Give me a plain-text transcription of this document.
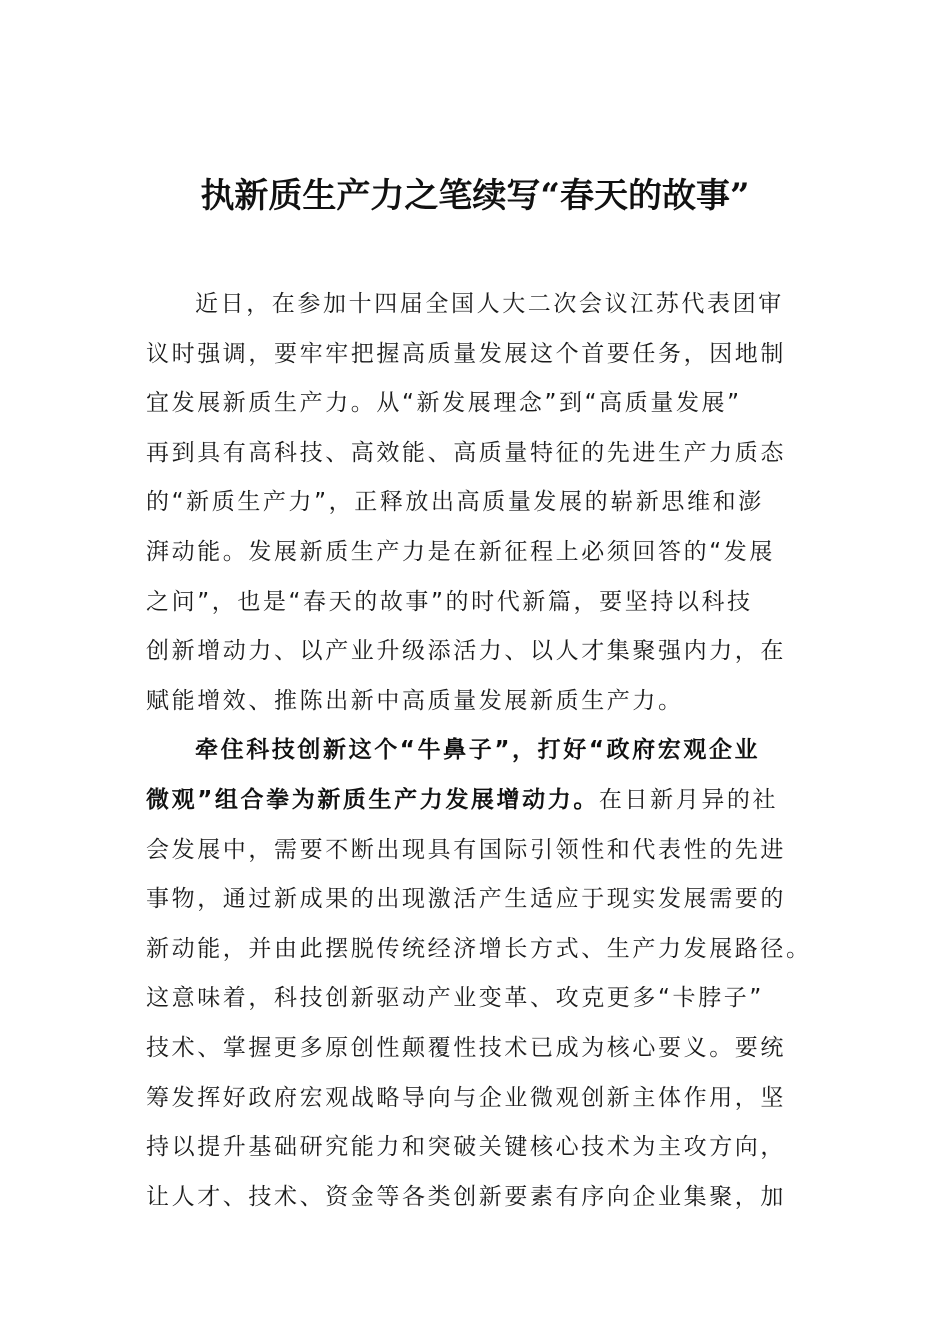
执新质生产力之笔续写“春天的故事”
近日，在参加十四届全国人大二次会议江苏代表团审
议时强调，要牢牢把握高质量发展这个首要任务，因地制
宜发展新质生产力。从“新发展理念”到“高质量发展”
再到具有高科技、高效能、高质量特征的先进生产力质态
的“新质生产力”，正释放出高质量发展的崭新思维和澎
湃动能。发展新质生产力是在新征程上必须回答的“发展
之问”，也是“春天的故事”的时代新篇，要坚持以科技
创新增动力、以产业升级添活力、以人才集聚强内力，在
赋能增效、推陈出新中高质量发展新质生产力。
牵住科技创新这个“牛鼻子”，打好“政府宏观企业
微观”组合拳为新质生产力发展增动力。在日新月异的社
会发展中，需要不断出现具有国际引领性和代表性的先进
事物，通过新成果的出现激活产生适应于现实发展需要的
新动能，并由此摆脱传统经济增长方式、生产力发展路径。
这意味着，科技创新驱动产业变革、攻克更多“卡脖子”
技术、掌握更多原创性颠覆性技术已成为核心要义。要统
筹发挥好政府宏观战略导向与企业微观创新主体作用，坚
持以提升基础研究能力和突破关键核心技术为主攻方向，
让人才、技术、资金等各类创新要素有序向企业集聚，加
